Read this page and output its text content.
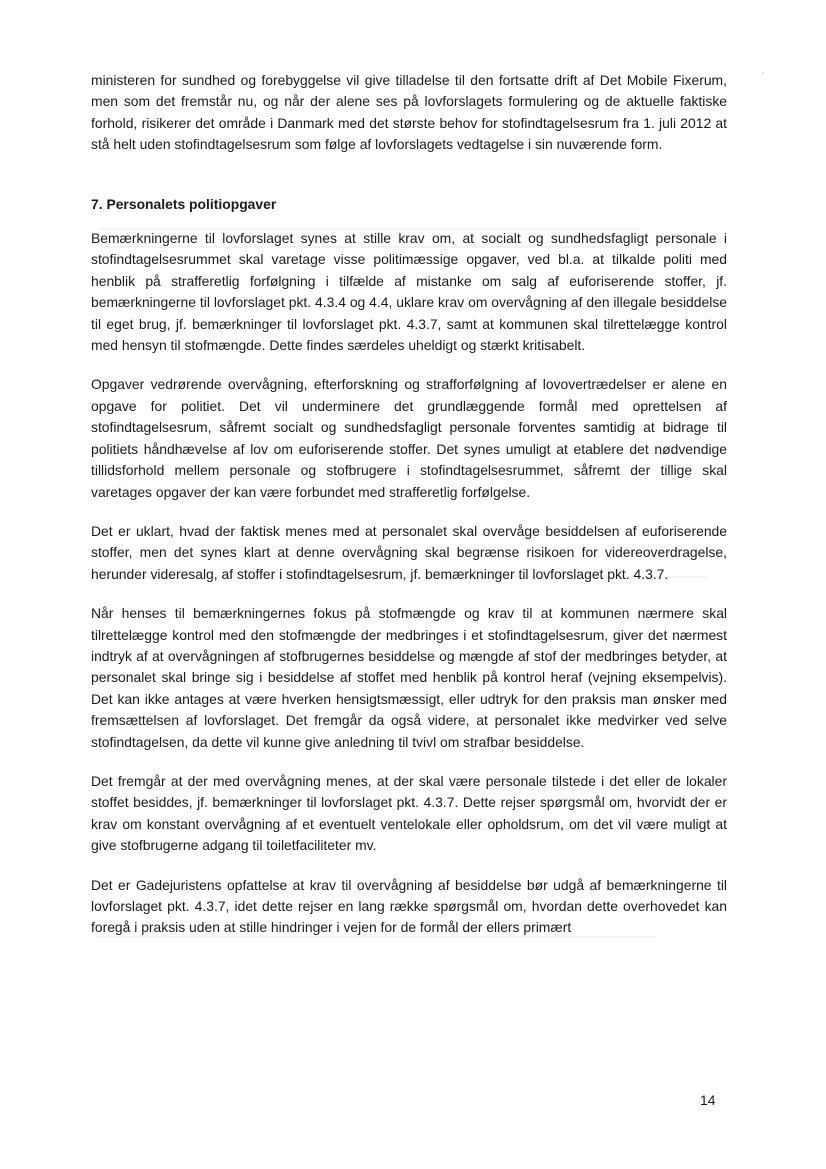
ministeren for sundhed og forebyggelse vil give tilladelse til den fortsatte drift af Det Mobile Fixerum, men som det fremstår nu, og når der alene ses på lovforslagets formulering og de aktuelle faktiske forhold, risikerer det område i Danmark med det største behov for stofindtagelsesrum fra 1. juli 2012 at stå helt uden stofindtagelsesrum som følge af lovforslagets vedtagelse i sin nuværende form.

7. Personalets politiopgaver

Bemærkningerne til lovforslaget synes at stille krav om, at socialt og sundhedsfagligt personale i stofindtagelsesrummet skal varetage visse politimæssige opgaver, ved bl.a. at tilkalde politi med henblik på strafferetlig forfølgning i tilfælde af mistanke om salg af euforiserende stoffer, jf. bemærkningerne til lovforslaget pkt. 4.3.4 og 4.4, uklare krav om overvågning af den illegale besiddelse til eget brug, jf. bemærkninger til lovforslaget pkt. 4.3.7, samt at kommunen skal tilrettelægge kontrol med hensyn til stofmængde. Dette findes særdeles uheldigt og stærkt kritisabelt.

Opgaver vedrørende overvågning, efterforskning og strafforfølgning af lovovertrædelser er alene en opgave for politiet. Det vil underminere det grundlæggende formål med oprettelsen af stofindtagelsesrum, såfremt socialt og sundhedsfagligt personale forventes samtidig at bidrage til politiets håndhævelse af lov om euforiserende stoffer. Det synes umuligt at etablere det nødvendige tillidsforhold mellem personale og stofbrugere i stofindtagelsesrummet, såfremt der tillige skal varetages opgaver der kan være forbundet med strafferetlig forfølgelse.

Det er uklart, hvad der faktisk menes med at personalet skal overvåge besiddelsen af euforiserende stoffer, men det synes klart at denne overvågning skal begrænse risikoen for videreoverdragelse, herunder videresalg, af stoffer i stofindtagelsesrum, jf. bemærkninger til lovforslaget pkt. 4.3.7.

Når henses til bemærkningernes fokus på stofmængde og krav til at kommunen nærmere skal tilrettelægge kontrol med den stofmængde der medbringes i et stofindtagelsesrum, giver det nærmest indtryk af at overvågningen af stofbrugernes besiddelse og mængde af stof der medbringes betyder, at personalet skal bringe sig i besiddelse af stoffet med henblik på kontrol heraf (vejning eksempelvis). Det kan ikke antages at være hverken hensigtsmæssigt, eller udtryk for den praksis man ønsker med fremsættelsen af lovforslaget. Det fremgår da også videre, at personalet ikke medvirker ved selve stofindtagelsen, da dette vil kunne give anledning til tvivl om strafbar besiddelse.

Det fremgår at der med overvågning menes, at der skal være personale tilstede i det eller de lokaler stoffet besiddes, jf. bemærkninger til lovforslaget pkt. 4.3.7. Dette rejser spørgsmål om, hvorvidt der er krav om konstant overvågning af et eventuelt ventelokale eller opholdsrum, om det vil være muligt at give stofbrugerne adgang til toiletfaciliteter mv.

Det er Gadejuristens opfattelse at krav til overvågning af besiddelse bør udgå af bemærkningerne til lovforslaget pkt. 4.3.7, idet dette rejser en lang række spørgsmål om, hvordan dette overhovedet kan foregå i praksis uden at stille hindringer i vejen for de formål der ellers primært

14
